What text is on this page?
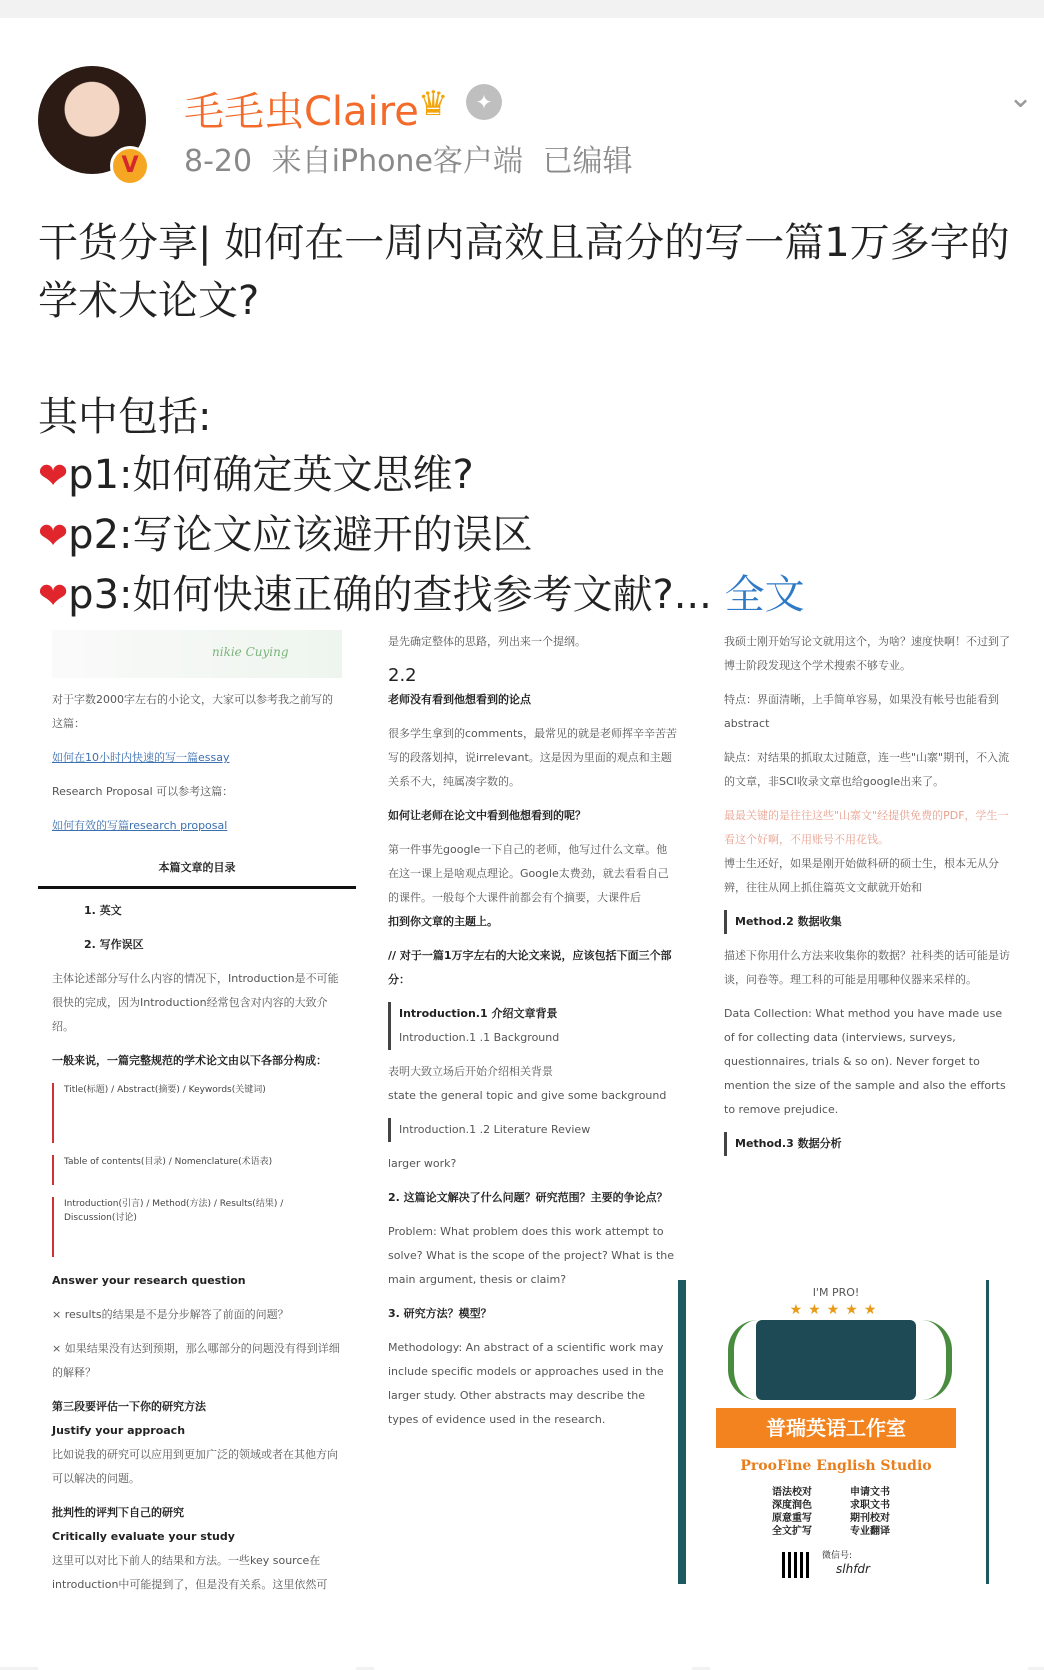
V
毛毛虫Claire ♛	✦
8-20 来自iPhone客户端 已编辑
⌄

干货分享| 如何在一周内高效且高分的写一篇1万多字的

学术大论文?

其中包括:

❤p1:如何确定英文思维?

❤p2:写论文应该避开的误区

❤p3:如何快速正确的查找参考文献?... 全文

nikie Cuying

对于字数2000字左右的小论文，大家可以参考我之前写的这篇：

如何在10小时内快速的写一篇essay

Research Proposal 可以参考这篇：

如何有效的写篇research proposal

本篇文章的目录

1. 英文

2. 写作误区

主体论述部分写什么内容的情况下，Introduction是不可能很快的完成，因为Introduction经常包含对内容的大致介绍。

一般来说，一篇完整规范的学术论文由以下各部分构成：

Title(标题) / Abstract(摘要) / Keywords(关键词)
Table of contents(目录) / Nomenclature(术语表)
Introduction(引言) / Method(方法) / Results(结果) / Discussion(讨论)

Answer your research question

× results的结果是不是分步解答了前面的问题？

× 如果结果没有达到预期，那么哪部分的问题没有得到详细的解释？

第三段要评估一下你的研究方法

Justify your approach

比如说我的研究可以应用到更加广泛的领域或者在其他方向可以解决的问题。

批判性的评判下自己的研究

Critically evaluate your study

这里可以对比下前人的结果和方法。一些key source在introduction中可能提到了，但是没有关系。这里依然可

是先确定整体的思路，列出来一个提纲。

2.2

老师没有看到他想看到的论点

很多学生拿到的comments，最常见的就是老师挥辛辛苦苦写的段落划掉，说irrelevant。这是因为里面的观点和主题关系不大，纯属凑字数的。

如何让老师在论文中看到他想看到的呢？

第一件事先google一下自己的老师，他写过什么文章。他在这一课上是啥观点理论。Google太费劲，就去看看自己的课件。一般每个大课件前都会有个摘要，大课件后

扣到你文章的主题上。

// 对于一篇1万字左右的大论文来说，应该包括下面三个部分：

Introduction.1 介绍文章背景

Introduction.1 .1 Background

表明大致立场后开始介绍相关背景

state the general topic and give some background

Introduction.1 .2 Literature Review

larger work?

2. 这篇论文解决了什么问题？研究范围？主要的争论点？

Problem: What problem does this work attempt to solve? What is the scope of the project? What is the main argument, thesis or claim?

3. 研究方法？模型？

Methodology: An abstract of a scientific work may include specific models or approaches used in the larger study. Other abstracts may describe the types of evidence used in the research.

我硕士刚开始写论文就用这个，为啥？速度快啊！不过到了博士阶段发现这个学术搜索不够专业。

特点：界面清晰，上手简单容易，如果没有帐号也能看到abstract

缺点：对结果的抓取太过随意，连一些"山寨"期刊，不入流的文章，非SCI收录文章也给google出来了。

最最关键的是往往这些"山寨文"经提供免费的PDF，学生一看这个好啊，不用账号不用花钱。

博士生还好，如果是刚开始做科研的硕士生，根本无从分辨，往往从网上抓住篇英文文献就开始和

Method.2 数据收集

描述下你用什么方法来收集你的数据？社科类的话可能是访谈，问卷等。理工科的可能是用哪种仪器来采样的。

Data Collection: What method you have made use of for collecting data (interviews, surveys, questionnaires, trials & so on). Never forget to mention the size of the sample and also the efforts to remove prejudice.

Method.3 数据分析

I'M PRO!
★★★★★
普瑞英语工作室
ProoFine English Studio
语法校对
深度润色
原意重写
全文扩写
申请文书
求职文书
期刊校对
专业翻译
微信号:
slhfdr
